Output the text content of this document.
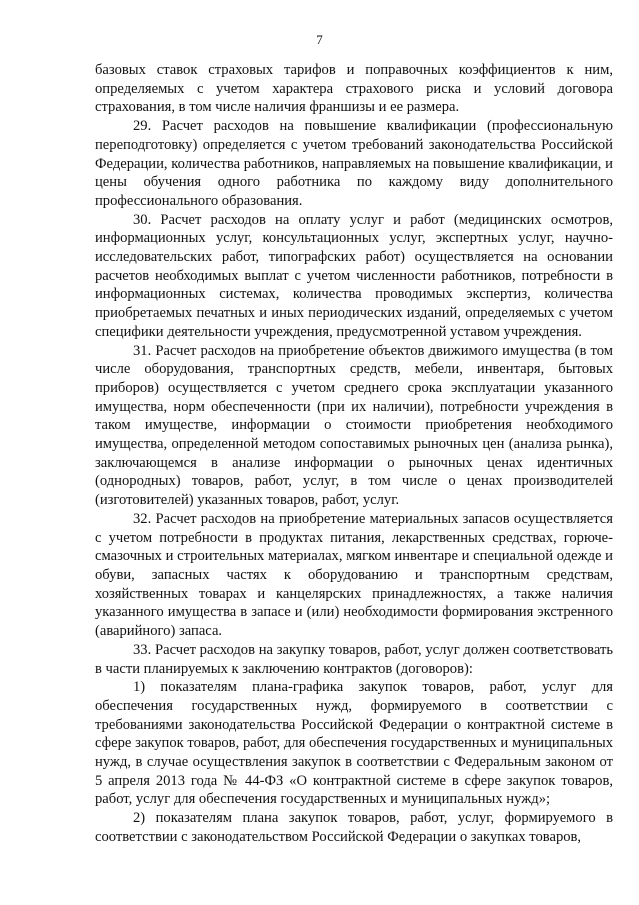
7

базовых ставок страховых тарифов и поправочных коэффициентов к ним, определяемых с учетом характера страхового риска и условий договора страхования, в том числе наличия франшизы и ее размера.

29. Расчет расходов на повышение квалификации (профессиональную переподготовку) определяется с учетом требований законодательства Российской Федерации, количества работников, направляемых на повышение квалификации, и цены обучения одного работника по каждому виду дополнительного профессионального образования.

30. Расчет расходов на оплату услуг и работ (медицинских осмотров, информационных услуг, консультационных услуг, экспертных услуг, научно-исследовательских работ, типографских работ) осуществляется на основании расчетов необходимых выплат с учетом численности работников, потребности в информационных системах, количества проводимых экспертиз, количества приобретаемых печатных и иных периодических изданий, определяемых с учетом специфики деятельности учреждения, предусмотренной уставом учреждения.

31. Расчет расходов на приобретение объектов движимого имущества (в том числе оборудования, транспортных средств, мебели, инвентаря, бытовых приборов) осуществляется с учетом среднего срока эксплуатации указанного имущества, норм обеспеченности (при их наличии), потребности учреждения в таком имуществе, информации о стоимости приобретения необходимого имущества, определенной методом сопоставимых рыночных цен (анализа рынка), заключающемся в анализе информации о рыночных ценах идентичных (однородных) товаров, работ, услуг, в том числе о ценах производителей (изготовителей) указанных товаров, работ, услуг.

32. Расчет расходов на приобретение материальных запасов осуществляется с учетом потребности в продуктах питания, лекарственных средствах, горюче-смазочных и строительных материалах, мягком инвентаре и специальной одежде и обуви, запасных частях к оборудованию и транспортным средствам, хозяйственных товарах и канцелярских принадлежностях, а также наличия указанного имущества в запасе и (или) необходимости формирования экстренного (аварийного) запаса.

33. Расчет расходов на закупку товаров, работ, услуг должен соответствовать в части планируемых к заключению контрактов (договоров):

1) показателям плана-графика закупок товаров, работ, услуг для обеспечения государственных нужд, формируемого в соответствии с требованиями законодательства Российской Федерации о контрактной системе в сфере закупок товаров, работ, для обеспечения государственных и муниципальных нужд, в случае осуществления закупок в соответствии с Федеральным законом от 5 апреля 2013 года № 44-ФЗ «О контрактной системе в сфере закупок товаров, работ, услуг для обеспечения государственных и муниципальных нужд»;

2) показателям плана закупок товаров, работ, услуг, формируемого в соответствии с законодательством Российской Федерации о закупках товаров,
